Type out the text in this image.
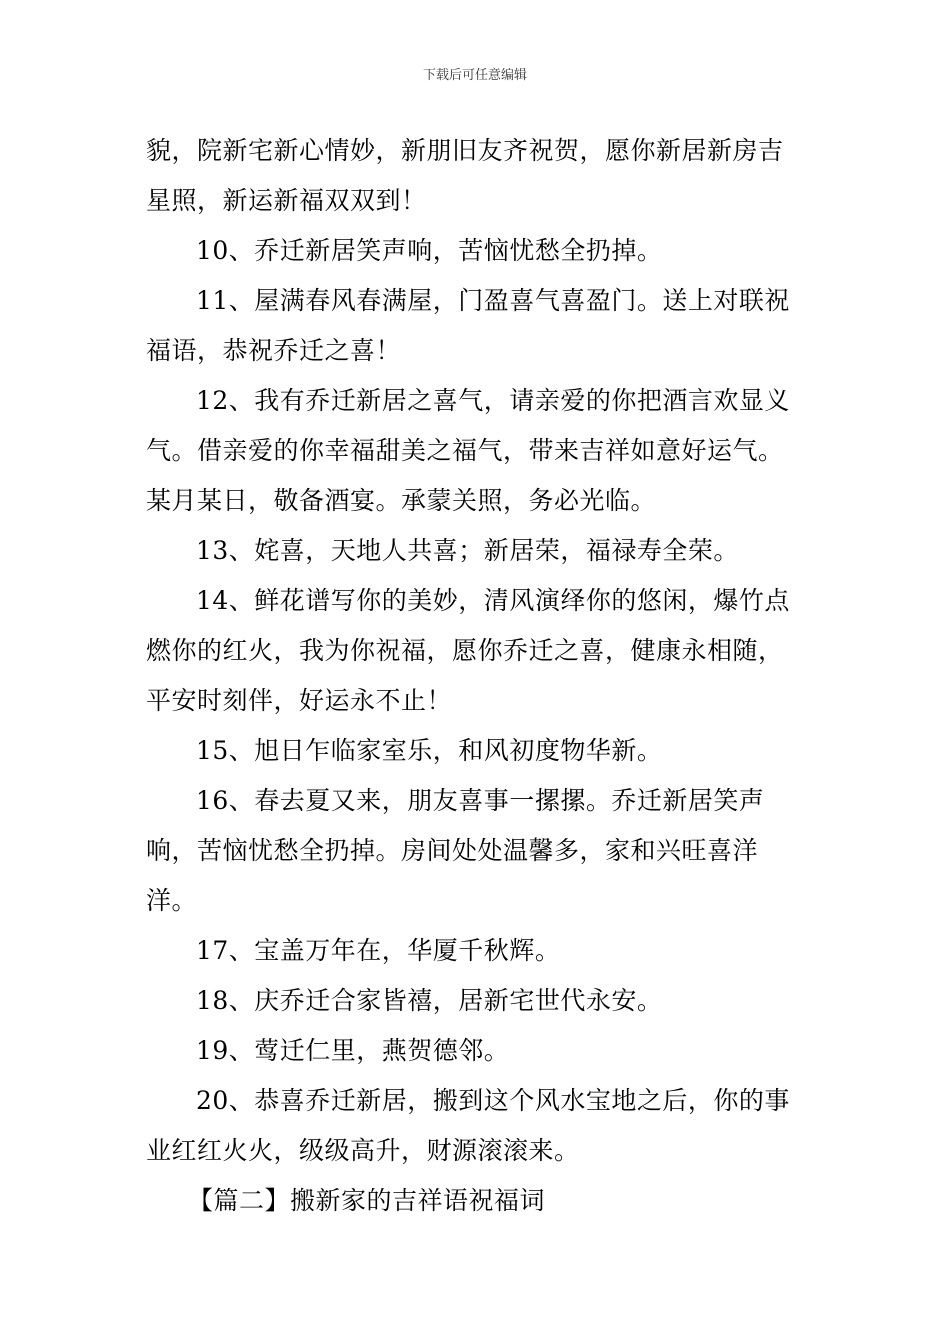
下载后可任意编辑

貌，院新宅新心情妙，新朋旧友齐祝贺，愿你新居新房吉星照，新运新福双双到！

10、乔迁新居笑声响，苦恼忧愁全扔掉。

11、屋满春风春满屋，门盈喜气喜盈门。送上对联祝福语，恭祝乔迁之喜！

12、我有乔迁新居之喜气，请亲爱的你把酒言欢显义气。借亲爱的你幸福甜美之福气，带来吉祥如意好运气。某月某日，敬备酒宴。承蒙关照，务必光临。

13、姹喜，天地人共喜；新居荣，福禄寿全荣。

14、鲜花谱写你的美妙，清风演绎你的悠闲，爆竹点燃你的红火，我为你祝福，愿你乔迁之喜，健康永相随，平安时刻伴，好运永不止！

15、旭日乍临家室乐，和风初度物华新。

16、春去夏又来，朋友喜事一摞摞。乔迁新居笑声响，苦恼忧愁全扔掉。房间处处温馨多，家和兴旺喜洋洋。

17、宝盖万年在，华厦千秋辉。

18、庆乔迁合家皆禧，居新宅世代永安。

19、莺迁仁里，燕贺德邻。

20、恭喜乔迁新居，搬到这个风水宝地之后，你的事业红红火火，级级高升，财源滚滚来。

【篇二】搬新家的吉祥语祝福词
